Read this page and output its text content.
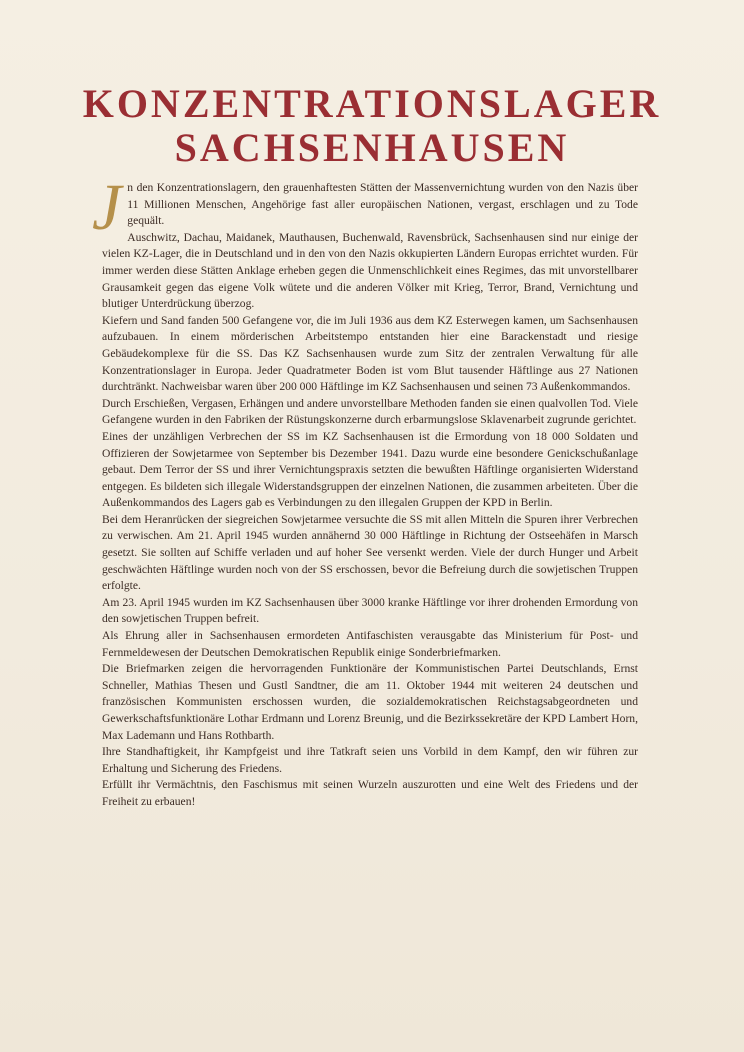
KONZENTRATIONSLAGER
SACHSENHAUSEN

Jn den Konzentrationslagern, den grauenhaftesten Stätten der Massenvernichtung wurden von den Nazis über 11 Millionen Menschen, Angehörige fast aller europäischen Nationen, vergast, erschlagen und zu Tode gequält.

Auschwitz, Dachau, Maidanek, Mauthausen, Buchenwald, Ravensbrück, Sachsenhausen sind nur einige der vielen KZ-Lager, die in Deutschland und in den von den Nazis okkupierten Ländern Europas errichtet wurden. Für immer werden diese Stätten Anklage erheben gegen die Unmenschlichkeit eines Regimes, das mit unvorstellbarer Grausamkeit gegen das eigene Volk wütete und die anderen Völker mit Krieg, Terror, Brand, Vernichtung und blutiger Unterdrückung überzog.

Kiefern und Sand fanden 500 Gefangene vor, die im Juli 1936 aus dem KZ Esterwegen kamen, um Sachsenhausen aufzubauen. In einem mörderischen Arbeitstempo entstanden hier eine Barackenstadt und riesige Gebäudekomplexe für die SS. Das KZ Sachsenhausen wurde zum Sitz der zentralen Verwaltung für alle Konzentrationslager in Europa. Jeder Quadratmeter Boden ist vom Blut tausender Häftlinge aus 27 Nationen durchtränkt. Nachweisbar waren über 200 000 Häftlinge im KZ Sachsenhausen und seinen 73 Außenkommandos.

Durch Erschießen, Vergasen, Erhängen und andere unvorstellbare Methoden fanden sie einen qualvollen Tod. Viele Gefangene wurden in den Fabriken der Rüstungskonzerne durch erbarmungslose Sklavenarbeit zugrunde gerichtet.

Eines der unzähligen Verbrechen der SS im KZ Sachsenhausen ist die Ermordung von 18 000 Soldaten und Offizieren der Sowjetarmee von September bis Dezember 1941. Dazu wurde eine besondere Genickschußanlage gebaut. Dem Terror der SS und ihrer Vernichtungspraxis setzten die bewußten Häftlinge organisierten Widerstand entgegen. Es bildeten sich illegale Widerstandsgruppen der einzelnen Nationen, die zusammen arbeiteten. Über die Außenkommandos des Lagers gab es Verbindungen zu den illegalen Gruppen der KPD in Berlin.

Bei dem Heranrücken der siegreichen Sowjetarmee versuchte die SS mit allen Mitteln die Spuren ihrer Verbrechen zu verwischen. Am 21. April 1945 wurden annähernd 30 000 Häftlinge in Richtung der Ostseehäfen in Marsch gesetzt. Sie sollten auf Schiffe verladen und auf hoher See versenkt werden. Viele der durch Hunger und Arbeit geschwächten Häftlinge wurden noch von der SS erschossen, bevor die Befreiung durch die sowjetischen Truppen erfolgte.

Am 23. April 1945 wurden im KZ Sachsenhausen über 3000 kranke Häftlinge vor ihrer drohenden Ermordung von den sowjetischen Truppen befreit.

Als Ehrung aller in Sachsenhausen ermordeten Antifaschisten verausgabte das Ministerium für Post- und Fernmeldewesen der Deutschen Demokratischen Republik einige Sonderbriefmarken.

Die Briefmarken zeigen die hervorragenden Funktionäre der Kommunistischen Partei Deutschlands, Ernst Schneller, Mathias Thesen und Gustl Sandtner, die am 11. Oktober 1944 mit weiteren 24 deutschen und französischen Kommunisten erschossen wurden, die sozialdemokratischen Reichstagsabgeordneten und Gewerkschaftsfunktionäre Lothar Erdmann und Lorenz Breunig, und die Bezirkssekretäre der KPD Lambert Horn, Max Lademann und Hans Rothbarth.

Ihre Standhaftigkeit, ihr Kampfgeist und ihre Tatkraft seien uns Vorbild in dem Kampf, den wir führen zur Erhaltung und Sicherung des Friedens.

Erfüllt ihr Vermächtnis, den Faschismus mit seinen Wurzeln auszurotten und eine Welt des Friedens und der Freiheit zu erbauen!
